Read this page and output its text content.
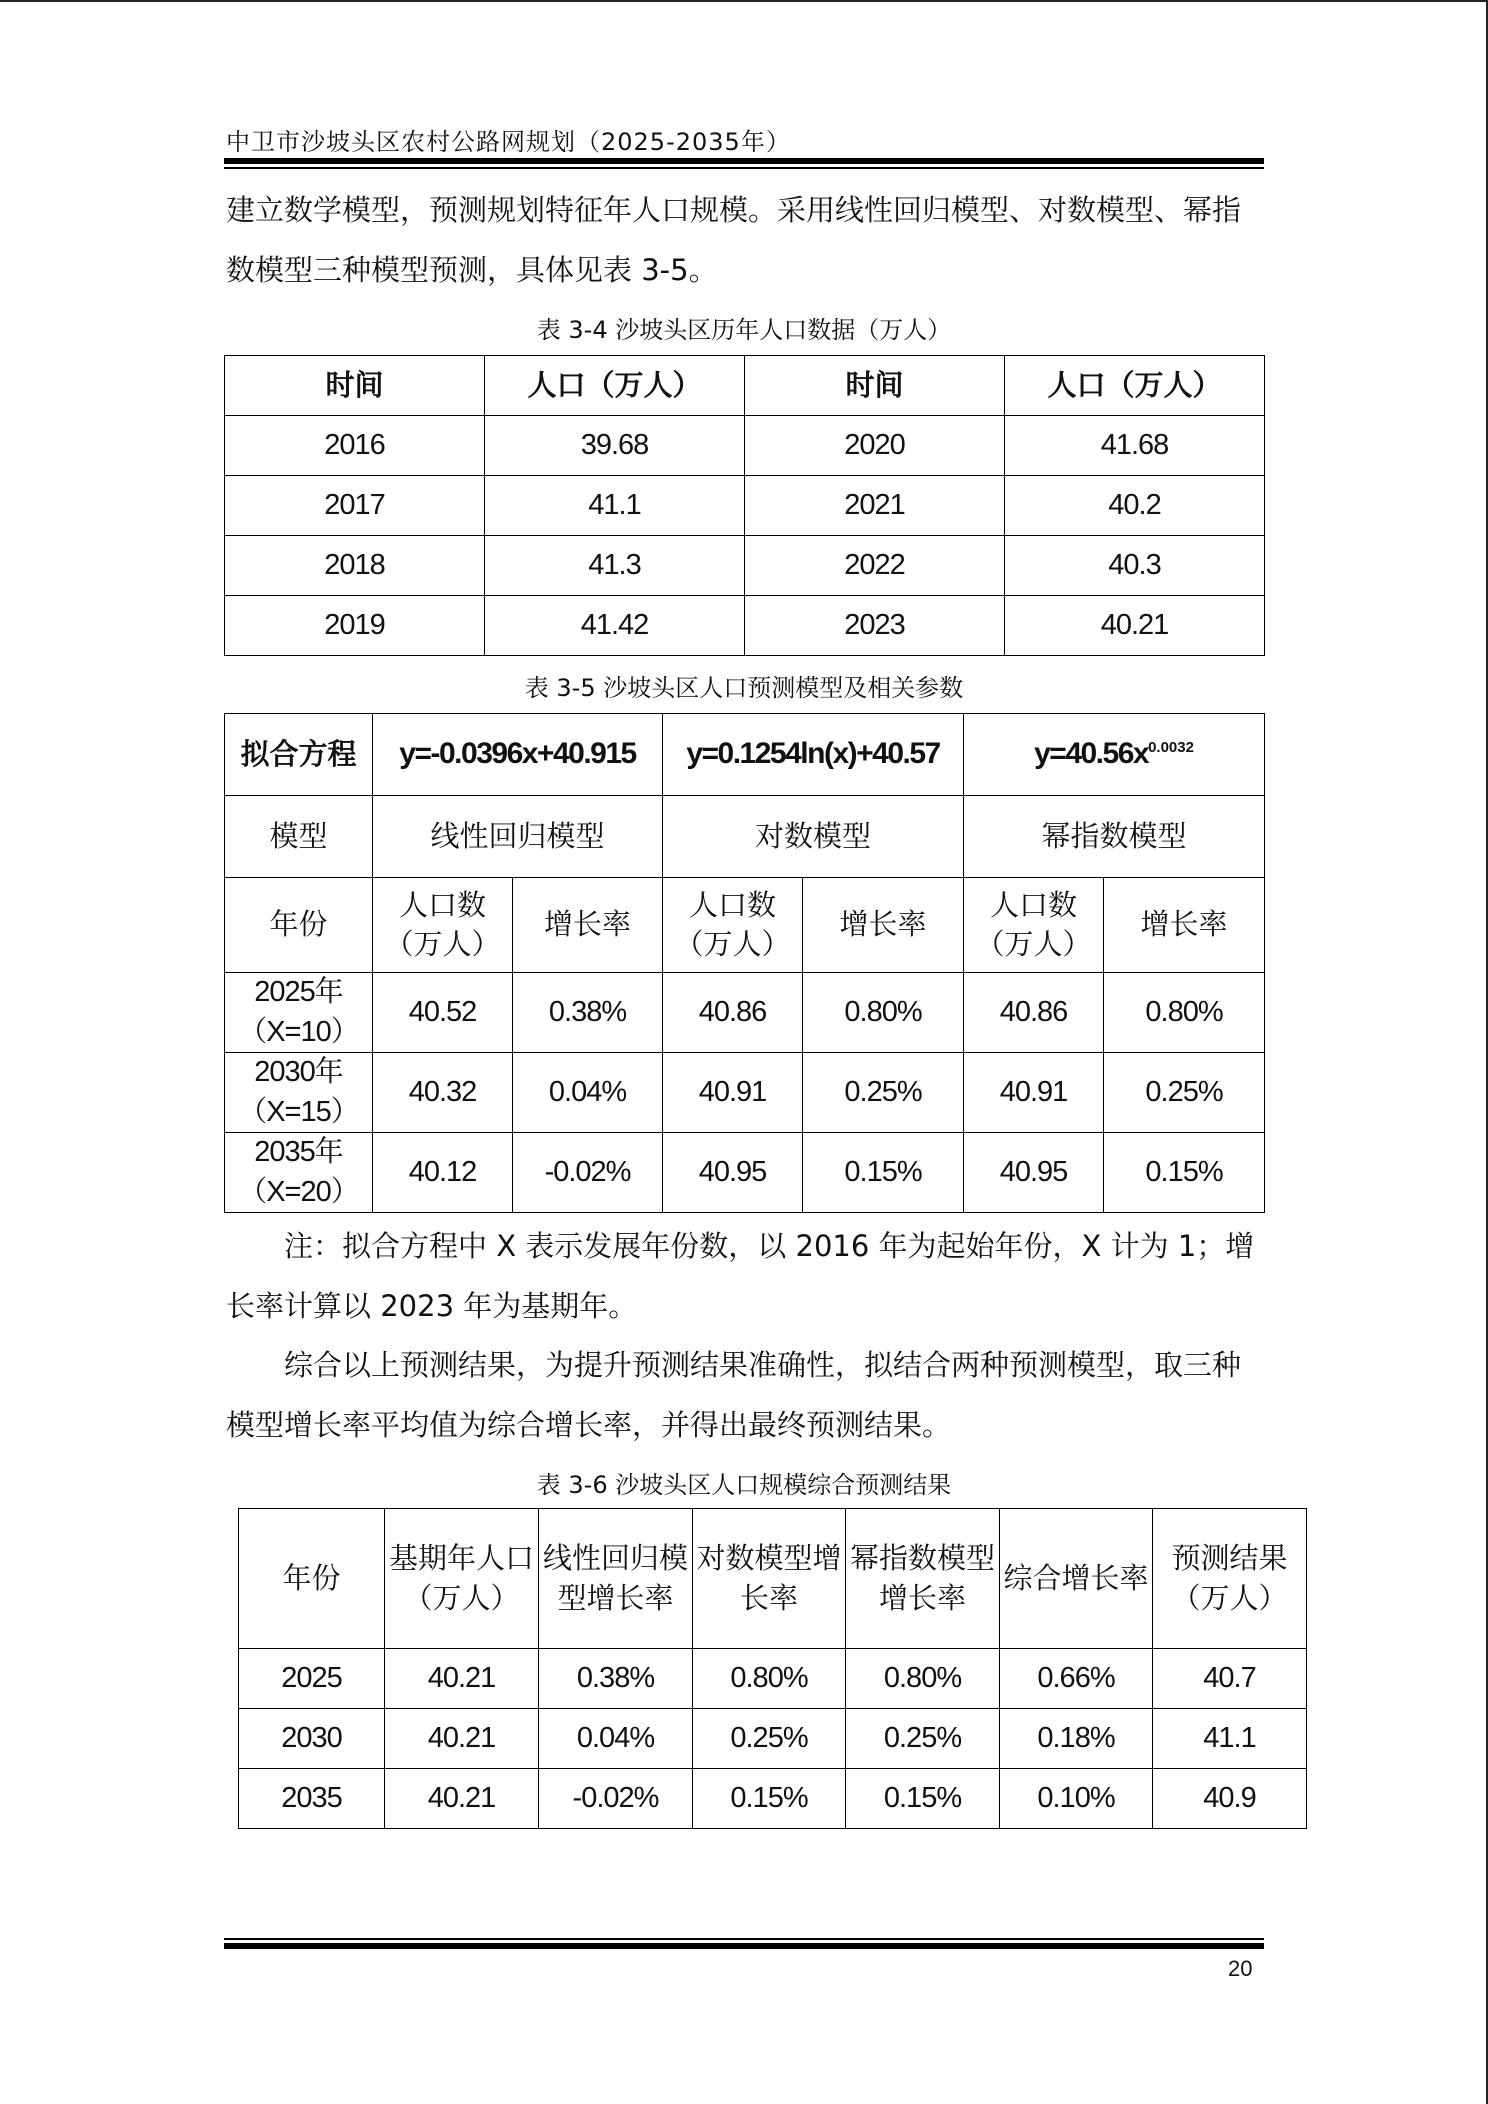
中卫市沙坡头区农村公路网规划（2025-2035年）
建立数学模型，预测规划特征年人口规模。采用线性回归模型、对数模型、幂指数模型三种模型预测，具体见表 3-5。
表 3-4 沙坡头区历年人口数据（万人）
时间	人口（万人）	时间	人口（万人）
2016	39.68	2020	41.68
2017	41.1	2021	40.2
2018	41.3	2022	40.3
2019	41.42	2023	40.21
表 3-5 沙坡头区人口预测模型及相关参数
拟合方程	y=-0.0396x+40.915		y=0.1254ln(x)+40.57		$y=40.56x^{0.0032}$
模型	线性回归模型		对数模型		幂指数模型	
年份	人口数（万人）	增长率	人口数（万人）	增长率	人口数（万人）	增长率

2025年
（X=10）	40.52	0.38%	40.86	0.80%	40.86	0.80%

2030年
（X=15）	40.32	0.04%	40.91	0.25%	40.91	0.25%

2035年
（X=20）	40.12	-0.02%	40.95	0.15%	40.95	0.15%
注：拟合方程中 X 表示发展年份数，以 2016 年为起始年份，X 计为 1；增长率计算以 2023 年为基期年。
综合以上预测结果，为提升预测结果准确性，拟结合两种预测模型，取三种模型增长率平均值为综合增长率，并得出最终预测结果。
表 3-6 沙坡头区人口规模综合预测结果
年份	基期年人口（万人）	线性回归模型增长率	对数模型增长率	幂指数模型增长率	综合增长率	预测结果（万人）
2025	40.21	0.38%	0.80%	0.80%	0.66%	40.7
2030	40.21	0.04%	0.25%	0.25%	0.18%	41.1
2035	40.21	-0.02%	0.15%	0.15%	0.10%	40.9
20
